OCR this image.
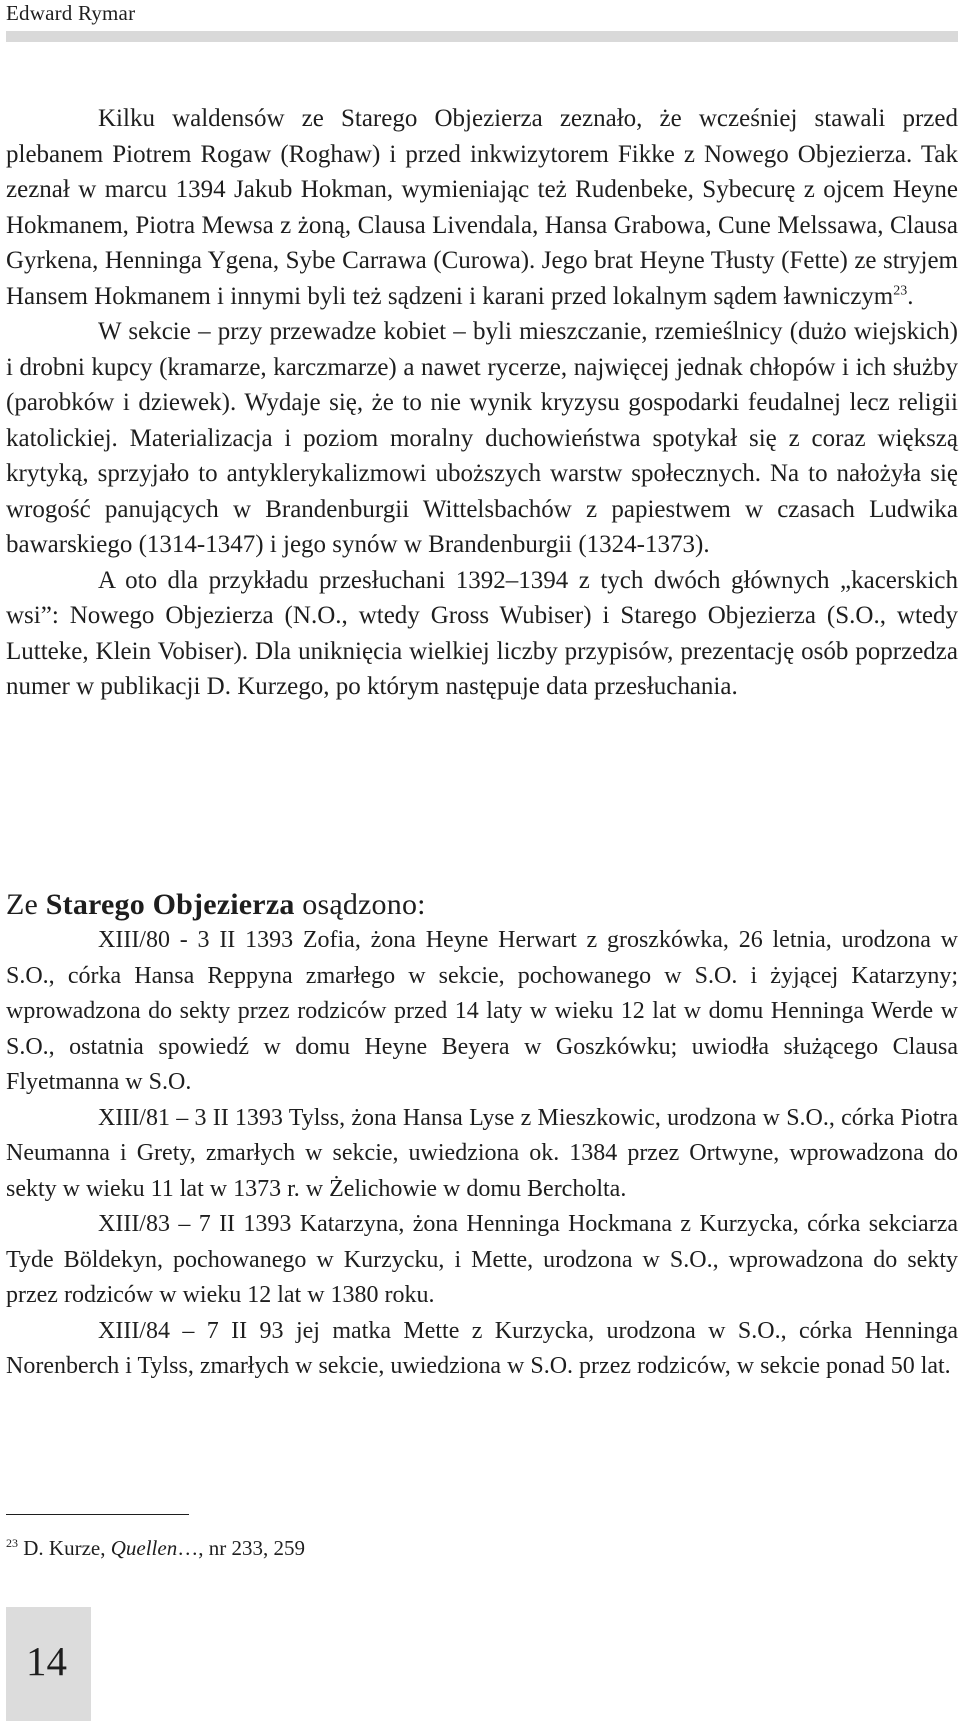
Edward Rymar

Kilku waldensów ze Starego Objezierza zeznało, że wcześniej stawali przed plebanem Piotrem Rogaw (Roghaw) i przed inkwizytorem Fikke z Nowego Objezierza. Tak zeznał w marcu 1394 Jakub Hokman, wymieniając też Rudenbeke, Sybecurę z ojcem Heyne Hokmanem, Piotra Mewsa z żoną, Clausa Livendala, Hansa Grabowa, Cune Melssawa, Clausa Gyrkena, Henninga Ygena, Sybe Carrawa (Curowa). Jego brat Heyne Tłusty (Fette) ze stryjem Hansem Hokmanem i innymi byli też sądzeni i karani przed lokalnym sądem ławniczym$^{23}$.

W sekcie – przy przewadze kobiet – byli mieszczanie, rzemieślnicy (dużo wiejskich) i drobni kupcy (kramarze, karczmarze) a nawet rycerze, najwięcej jednak chłopów i ich służby (parobków i dziewek). Wydaje się, że to nie wynik kryzysu gospodarki feudalnej lecz religii katolickiej. Materializacja i poziom moralny duchowieństwa spotykał się z coraz większą krytyką, sprzyjało to antyklerykalizmowi uboższych warstw społecznych. Na to nałożyła się wrogość panujących w Brandenburgii Wittelsbachów z papiestwem w czasach Ludwika bawarskiego (1314-1347) i jego synów w Brandenburgii (1324-1373).

A oto dla przykładu przesłuchani 1392–1394 z tych dwóch głównych „kacerskich wsi”: Nowego Objezierza (N.O., wtedy Gross Wubiser) i Starego Objezierza (S.O., wtedy Lutteke, Klein Vobiser). Dla uniknięcia wielkiej liczby przypisów, prezentację osób poprzedza numer w publikacji D. Kurzego, po którym następuje data przesłuchania.

Ze Starego Objezierza osądzono:

XIII/80 - 3 II 1393 Zofia, żona Heyne Herwart z groszkówka, 26 letnia, urodzona w S.O., córka Hansa Reppyna zmarłego w sekcie, pochowanego w S.O. i żyjącej Katarzyny; wprowadzona do sekty przez rodziców przed 14 laty w wieku 12 lat w domu Henninga Werde w S.O., ostatnia spowiedź w domu Heyne Beyera w Goszkówku; uwiodła służącego Clausa Flyetmanna w S.O.

XIII/81 – 3 II 1393 Tylss, żona Hansa Lyse z Mieszkowic, urodzona w S.O., córka Piotra Neumanna i Grety, zmarłych w sekcie, uwiedziona ok. 1384 przez Ortwyne, wprowadzona do sekty w wieku 11 lat w 1373 r. w Żelichowie w domu Bercholta.

XIII/83 – 7 II 1393 Katarzyna, żona Henninga Hockmana z Kurzycka, córka sekciarza Tyde Böldekyn, pochowanego w Kurzycku, i Mette, urodzona w S.O., wprowadzona do sekty przez rodziców w wieku 12 lat w 1380 roku.

XIII/84 – 7 II 93 jej matka Mette z Kurzycka, urodzona w S.O., córka Henninga Norenberch i Tylss, zmarłych w sekcie, uwiedziona w S.O. przez rodziców, w sekcie ponad 50 lat.

$^{23}$ D. Kurze, Quellen…, nr 233, 259
14
